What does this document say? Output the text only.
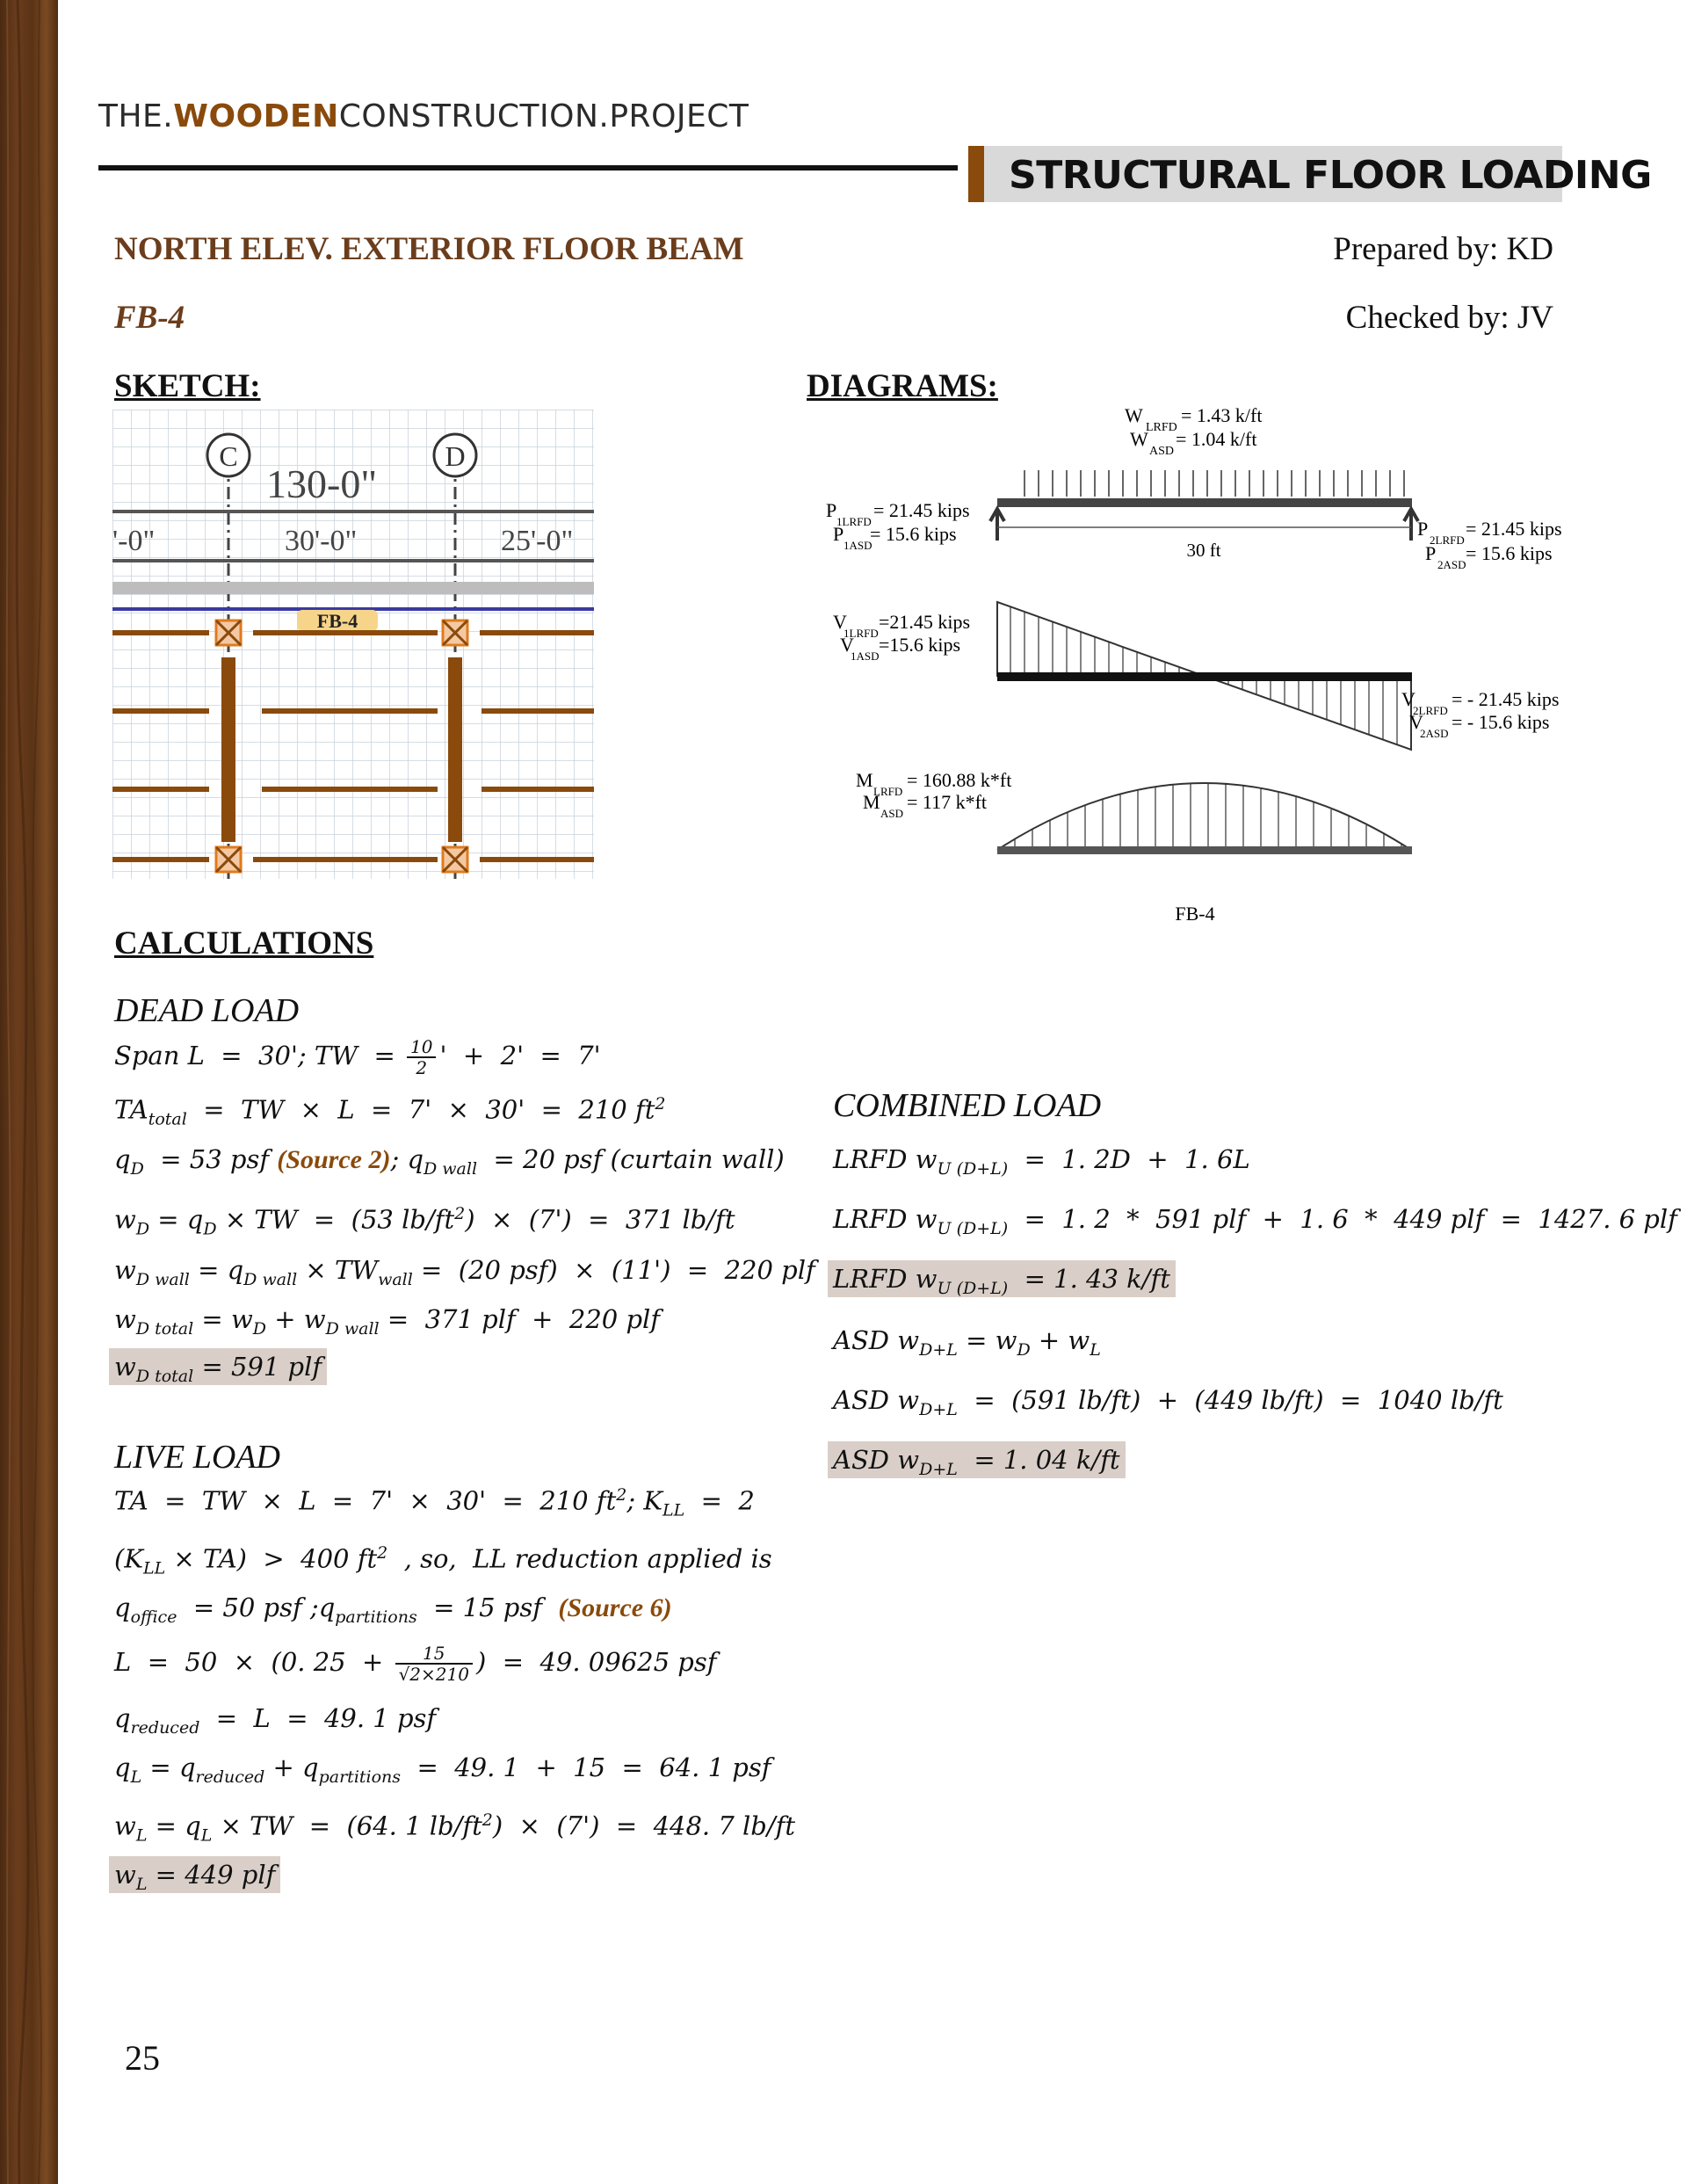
THE.WOODENCONSTRUCTION.PROJECT
STRUCTURAL FLOOR LOADING
NORTH ELEV. EXTERIOR FLOOR BEAM
FB-4
Prepared by: KD
Checked by: JV
SKETCH:	DIAGRAMS:
C	D
130-0"
'-0"	30'-0"	25'-0"
FB-4
W
LRFD
= 1.43 k/ft
W
ASD
= 1.04 k/ft
30 ft
P
1LRFD
= 21.45 kips
P
1ASD
= 15.6 kips	P
2LRFD
= 21.45 kips
P
2ASD
= 15.6 kips
V
1LRFD
=21.45 kips
V
1ASD
=15.6 kips
V
2LRFD
= - 21.45 kips
V
2ASD
= - 15.6 kips
M
LRFD
= 160.88 k*ft
M
ASD
= 117 k*ft
FB-4
CALCULATIONS
DEAD LOAD
Span L  =  30'; TW  = $\frac{10}{2}$ '  +  2'  =  7'
$TA_{total}$  =  TW  ×  L  =  7'  ×  30'  =  210 $ft^2$
$q_D = 53$ psf (Source 2); $q_{D wall} = 20$ psf (curtain wall)
$w_D = q_D$ × TW  =  (53 $lb/ft^2) \times (7') = 371$ lb/ft
$w_{D wall} = q_{D wall} \times TW_{wall} = (20$ psf)  ×  (11')  =  220 plf
$w_{D total} = w_D + w_{D wall} = 371$ plf  +  220 plf
$w_{D total} = 591$ plf
LIVE LOAD
TA  =  TW  ×  L  =  7'  ×  30'  =  210 $ft^2$; $K_{LL} = 2$
$(K_{LL} \times TA) > 400$ $ft^2$  , so,  LL reduction applied is
$q_{office} = 50$ psf $;q_{partitions} = 15$ psf  (Source 6)
L  =  50  ×  (0. $25 + \frac{15}{√2\times 210}$ )  =  49. 09625 psf
$q_{reduced} = L = 49$. 1 psf
$q_L = q_{reduced} + q_{partitions} = 49$. 1  +  15  =  64. 1 psf
$w_L = q_L$ × TW  =  (64. 1 $lb/ft^2) \times (7') = 448$. 7 lb/ft
$w_L = 449$ plf
COMBINED LOAD
LRFD $w_{U (D+L)} = 1$. 2D  +  1. 6L
LRFD $w_{U (D+L)} = 1$. 2  *  591 plf  +  1. 6  *  449 plf  =  1427. 6 plf
LRFD $w_{U (D+L)} = 1$. 43 k/ft
ASD $w_{D+L} = w_D + w_L$
ASD $w_{D+L} = (591$ lb/ft)  +  (449 lb/ft)  =  1040 lb/ft
ASD $w_{D+L} = 1$. 04 k/ft
25
